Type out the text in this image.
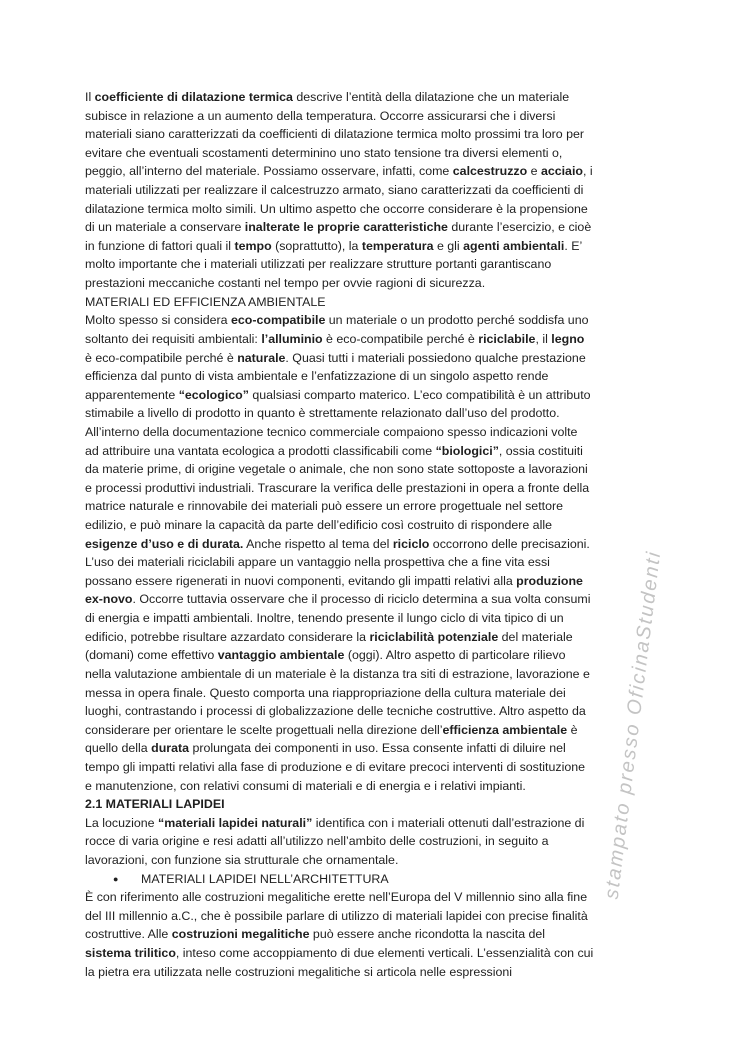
stampato presso OficinaStudenti
Il coefficiente di dilatazione termica descrive l’entità della dilatazione che un materiale
subisce in relazione a un aumento della temperatura. Occorre assicurarsi che i diversi
materiali siano caratterizzati da coefficienti di dilatazione termica molto prossimi tra loro per
evitare che eventuali scostamenti determinino uno stato tensione tra diversi elementi o,
peggio, all’interno del materiale. Possiamo osservare, infatti, come calcestruzzo e acciaio, i
materiali utilizzati per realizzare il calcestruzzo armato, siano caratterizzati da coefficienti di
dilatazione termica molto simili. Un ultimo aspetto che occorre considerare è la propensione
di un materiale a conservare inalterate le proprie caratteristiche durante l’esercizio, e cioè
in funzione di fattori quali il tempo (soprattutto), la temperatura e gli agenti ambientali. E’
molto importante che i materiali utilizzati per realizzare strutture portanti garantiscano
prestazioni meccaniche costanti nel tempo per ovvie ragioni di sicurezza.
MATERIALI ED EFFICIENZA AMBIENTALE
Molto spesso si considera eco-compatibile un materiale o un prodotto perché soddisfa uno
soltanto dei requisiti ambientali: l’alluminio è eco-compatibile perché è riciclabile, il legno
è eco-compatibile perché è naturale. Quasi tutti i materiali possiedono qualche prestazione
efficienza dal punto di vista ambientale e l’enfatizzazione di un singolo aspetto rende
apparentemente “ecologico” qualsiasi comparto materico. L’eco compatibilità è un attributo
stimabile a livello di prodotto in quanto è strettamente relazionato dall’uso del prodotto.
All’interno della documentazione tecnico commerciale compaiono spesso indicazioni volte
ad attribuire una vantata ecologica a prodotti classificabili come “biologici”, ossia costituiti
da materie prime, di origine vegetale o animale, che non sono state sottoposte a lavorazioni
e processi produttivi industriali. Trascurare la verifica delle prestazioni in opera a fronte della
matrice naturale e rinnovabile dei materiali può essere un errore progettuale nel settore
edilizio, e può minare la capacità da parte dell’edificio così costruito di rispondere alle
esigenze d’uso e di durata. Anche rispetto al tema del riciclo occorrono delle precisazioni.
L’uso dei materiali riciclabili appare un vantaggio nella prospettiva che a fine vita essi
possano essere rigenerati in nuovi componenti, evitando gli impatti relativi alla produzione
ex-novo. Occorre tuttavia osservare che il processo di riciclo determina a sua volta consumi
di energia e impatti ambientali. Inoltre, tenendo presente il lungo ciclo di vita tipico di un
edificio, potrebbe risultare azzardato considerare la riciclabilità potenziale del materiale
(domani) come effettivo vantaggio ambientale (oggi). Altro aspetto di particolare rilievo
nella valutazione ambientale di un materiale è la distanza tra siti di estrazione, lavorazione e
messa in opera finale. Questo comporta una riappropriazione della cultura materiale dei
luoghi, contrastando i processi di globalizzazione delle tecniche costruttive. Altro aspetto da
considerare per orientare le scelte progettuali nella direzione dell’efficienza ambientale è
quello della durata prolungata dei componenti in uso. Essa consente infatti di diluire nel
tempo gli impatti relativi alla fase di produzione e di evitare precoci interventi di sostituzione
e manutenzione, con relativi consumi di materiali e di energia e i relativi impianti.
2.1 MATERIALI LAPIDEI
La locuzione “materiali lapidei naturali” identifica con i materiali ottenuti dall’estrazione di
rocce di varia origine e resi adatti all’utilizzo nell’ambito delle costruzioni, in seguito a
lavorazioni, con funzione sia strutturale che ornamentale.
● MATERIALI LAPIDEI NELL’ARCHITETTURA
È con riferimento alle costruzioni megalitiche erette nell’Europa del V millennio sino alla fine
del III millennio a.C., che è possibile parlare di utilizzo di materiali lapidei con precise finalità
costruttive. Alle costruzioni megalitiche può essere anche ricondotta la nascita del
sistema trilitico, inteso come accoppiamento di due elementi verticali. L’essenzialità con cui
la pietra era utilizzata nelle costruzioni megalitiche si articola nelle espressioni
